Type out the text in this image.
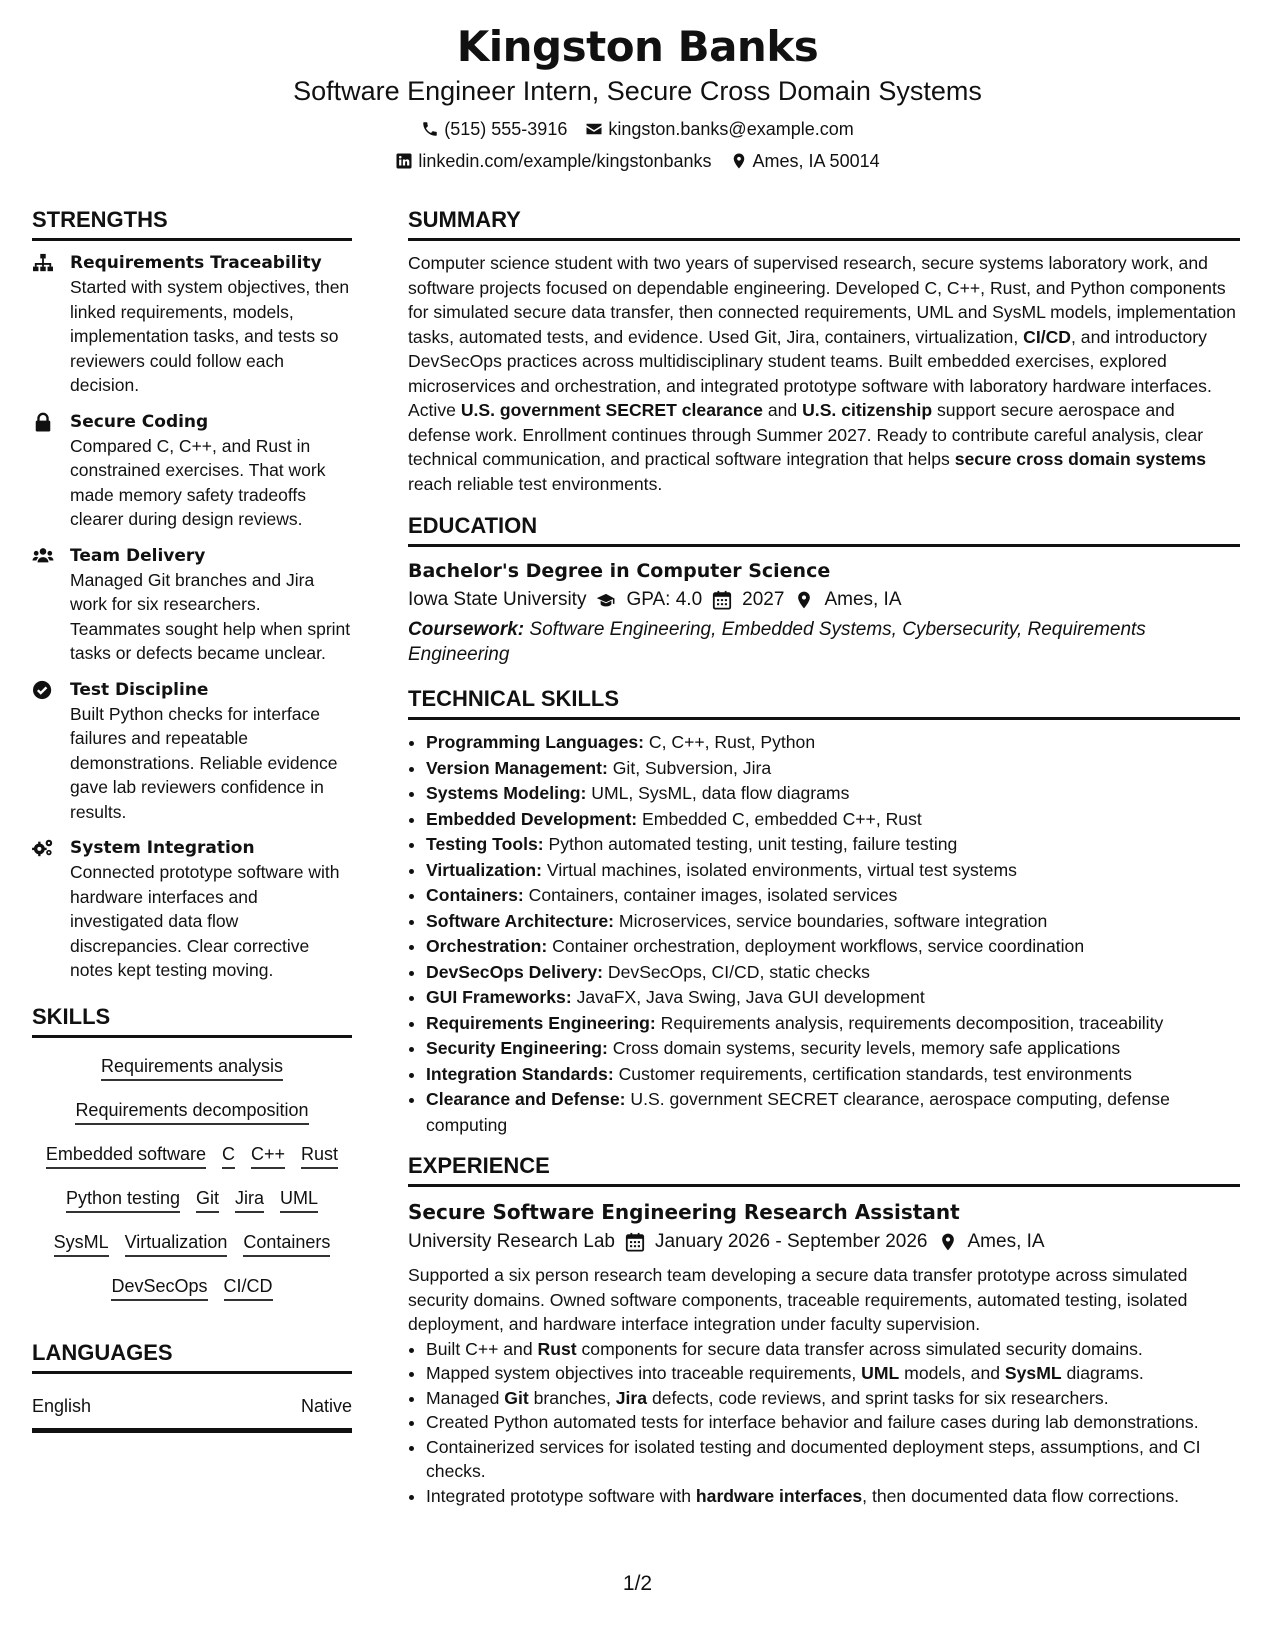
Kingston Banks
Software Engineer Intern, Secure Cross Domain Systems
(515) 555-3916 kingston.banks@example.com
linkedin.com/example/kingstonbanks Ames, IA 50014
STRENGTHS
Requirements Traceability
Started with system objectives, then linked requirements, models, implementation tasks, and tests so reviewers could follow each decision.
Secure Coding
Compared C, C++, and Rust in constrained exercises. That work made memory safety tradeoffs clearer during design reviews.
Team Delivery
Managed Git branches and Jira work for six researchers. Teammates sought help when sprint tasks or defects became unclear.
Test Discipline
Built Python checks for interface failures and repeatable demonstrations. Reliable evidence gave lab reviewers confidence in results.
System Integration
Connected prototype software with hardware interfaces and investigated data flow discrepancies. Clear corrective notes kept testing moving.
SKILLS
Requirements analysis
Requirements decomposition
Embedded software C C++ Rust
Python testing Git Jira UML
SysML Virtualization Containers
DevSecOps CI/CD
LANGUAGES
English	Native
SUMMARY
Computer science student with two years of supervised research, secure systems laboratory work, and software projects focused on dependable engineering. Developed C, C++, Rust, and Python components for simulated secure data transfer, then connected requirements, UML and SysML models, implementation tasks, automated tests, and evidence. Used Git, Jira, containers, virtualization, CI/CD, and introductory DevSecOps practices across multidisciplinary student teams. Built embedded exercises, explored microservices and orchestration, and integrated prototype software with laboratory hardware interfaces. Active U.S. government SECRET clearance and U.S. citizenship support secure aerospace and defense work. Enrollment continues through Summer 2027. Ready to contribute careful analysis, clear technical communication, and practical software integration that helps secure cross domain systems reach reliable test environments.
EDUCATION
Bachelor's Degree in Computer Science
Iowa State University GPA: 4.0 2027 Ames, IA
Coursework: Software Engineering, Embedded Systems, Cybersecurity, Requirements Engineering
TECHNICAL SKILLS
• Programming Languages: C, C++, Rust, Python
• Version Management: Git, Subversion, Jira
• Systems Modeling: UML, SysML, data flow diagrams
• Embedded Development: Embedded C, embedded C++, Rust
• Testing Tools: Python automated testing, unit testing, failure testing
• Virtualization: Virtual machines, isolated environments, virtual test systems
• Containers: Containers, container images, isolated services
• Software Architecture: Microservices, service boundaries, software integration
• Orchestration: Container orchestration, deployment workflows, service coordination
• DevSecOps Delivery: DevSecOps, CI/CD, static checks
• GUI Frameworks: JavaFX, Java Swing, Java GUI development
• Requirements Engineering: Requirements analysis, requirements decomposition, traceability
• Security Engineering: Cross domain systems, security levels, memory safe applications
• Integration Standards: Customer requirements, certification standards, test environments
• Clearance and Defense: U.S. government SECRET clearance, aerospace computing, defense computing
EXPERIENCE
Secure Software Engineering Research Assistant
University Research Lab January 2026 - September 2026 Ames, IA
Supported a six person research team developing a secure data transfer prototype across simulated security domains. Owned software components, traceable requirements, automated testing, isolated deployment, and hardware interface integration under faculty supervision.
• Built C++ and Rust components for secure data transfer across simulated security domains.
• Mapped system objectives into traceable requirements, UML models, and SysML diagrams.
• Managed Git branches, Jira defects, code reviews, and sprint tasks for six researchers.
• Created Python automated tests for interface behavior and failure cases during lab demonstrations.
• Containerized services for isolated testing and documented deployment steps, assumptions, and CI checks.
• Integrated prototype software with hardware interfaces, then documented data flow corrections.
1/2
